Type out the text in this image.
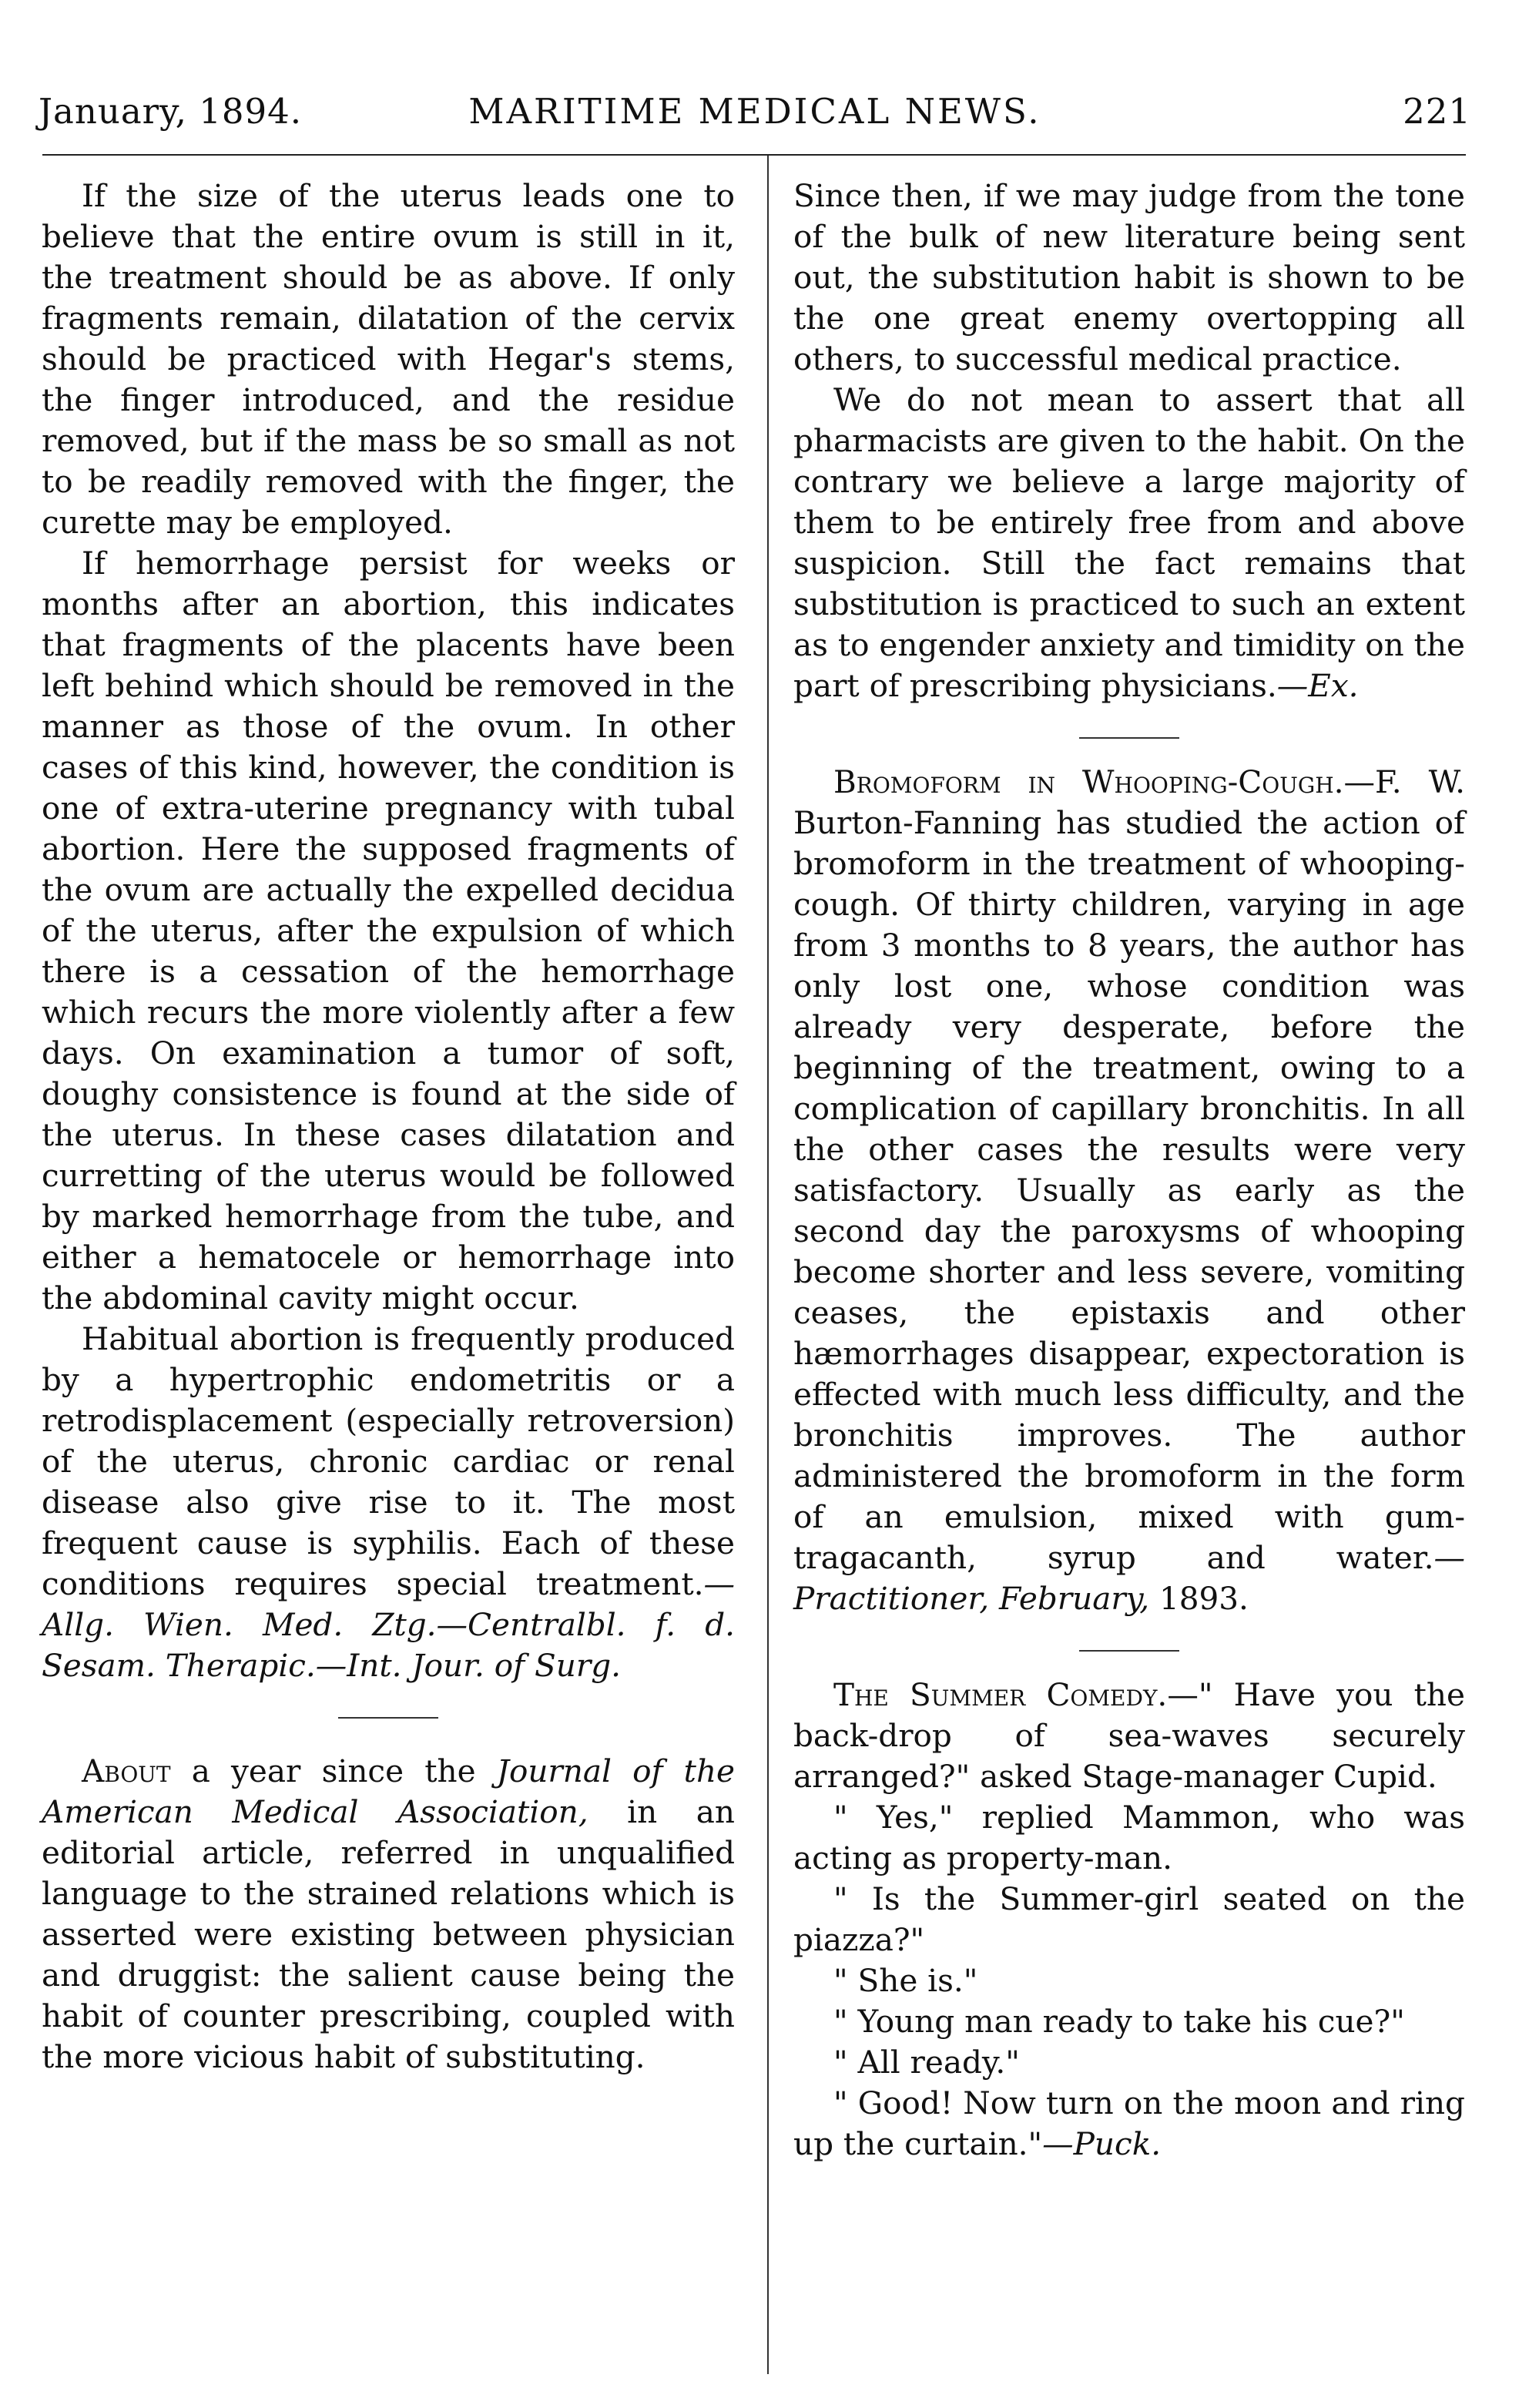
MARITIME MEDICAL NEWS.
January, 1894.	221

If the size of the uterus leads one to believe that the entire ovum is still in it, the treatment should be as above. If only fragments remain, dilatation of the cervix should be practiced with Hegar's stems, the finger introduced, and the residue removed, but if the mass be so small as not to be readily removed with the finger, the curette may be employed.

If hemorrhage persist for weeks or months after an abortion, this indicates that fragments of the placents have been left behind which should be removed in the manner as those of the ovum. In other cases of this kind, however, the condition is one of extra-uterine pregnancy with tubal abortion. Here the supposed fragments of the ovum are actually the expelled decidua of the uterus, after the expulsion of which there is a cessation of the hemorrhage which recurs the more violently after a few days. On examination a tumor of soft, doughy consistence is found at the side of the uterus. In these cases dilatation and curretting of the uterus would be followed by marked hemorrhage from the tube, and either a hematocele or hemorrhage into the abdominal cavity might occur.

Habitual abortion is frequently produced by a hypertrophic endometritis or a retrodisplacement (especially retroversion) of the uterus, chronic cardiac or renal disease also give rise to it. The most frequent cause is syphilis. Each of these conditions requires special treatment.—Allg. Wien. Med. Ztg.—Centralbl. f. d. Sesam. Therapic.—Int. Jour. of Surg.

About a year since the Journal of the American Medical Association, in an editorial article, referred in unqualified language to the strained relations which is asserted were existing between physician and druggist: the salient cause being the habit of counter prescribing, coupled with the more vicious habit of substituting.

Since then, if we may judge from the tone of the bulk of new literature being sent out, the substitution habit is shown to be the one great enemy overtopping all others, to successful medical practice.

We do not mean to assert that all pharmacists are given to the habit. On the contrary we believe a large majority of them to be entirely free from and above suspicion. Still the fact remains that substitution is practiced to such an extent as to engender anxiety and timidity on the part of prescribing physicians.—Ex.

Bromoform in Whooping-Cough.—F. W. Burton-Fanning has studied the action of bromoform in the treatment of whooping-cough. Of thirty children, varying in age from 3 months to 8 years, the author has only lost one, whose condition was already very desperate, before the beginning of the treatment, owing to a complication of capillary bronchitis. In all the other cases the results were very satisfactory. Usually as early as the second day the paroxysms of whooping become shorter and less severe, vomiting ceases, the epistaxis and other hæmorrhages disappear, expectoration is effected with much less difficulty, and the bronchitis improves. The author administered the bromoform in the form of an emulsion, mixed with gum-tragacanth, syrup and water.—Practitioner, February, 1893.

The Summer Comedy.—" Have you the back-drop of sea-waves securely arranged?" asked Stage-manager Cupid.

" Yes," replied Mammon, who was acting as property-man.

" Is the Summer-girl seated on the piazza?"

" She is."

" Young man ready to take his cue?"

" All ready."

" Good! Now turn on the moon and ring up the curtain."—Puck.
